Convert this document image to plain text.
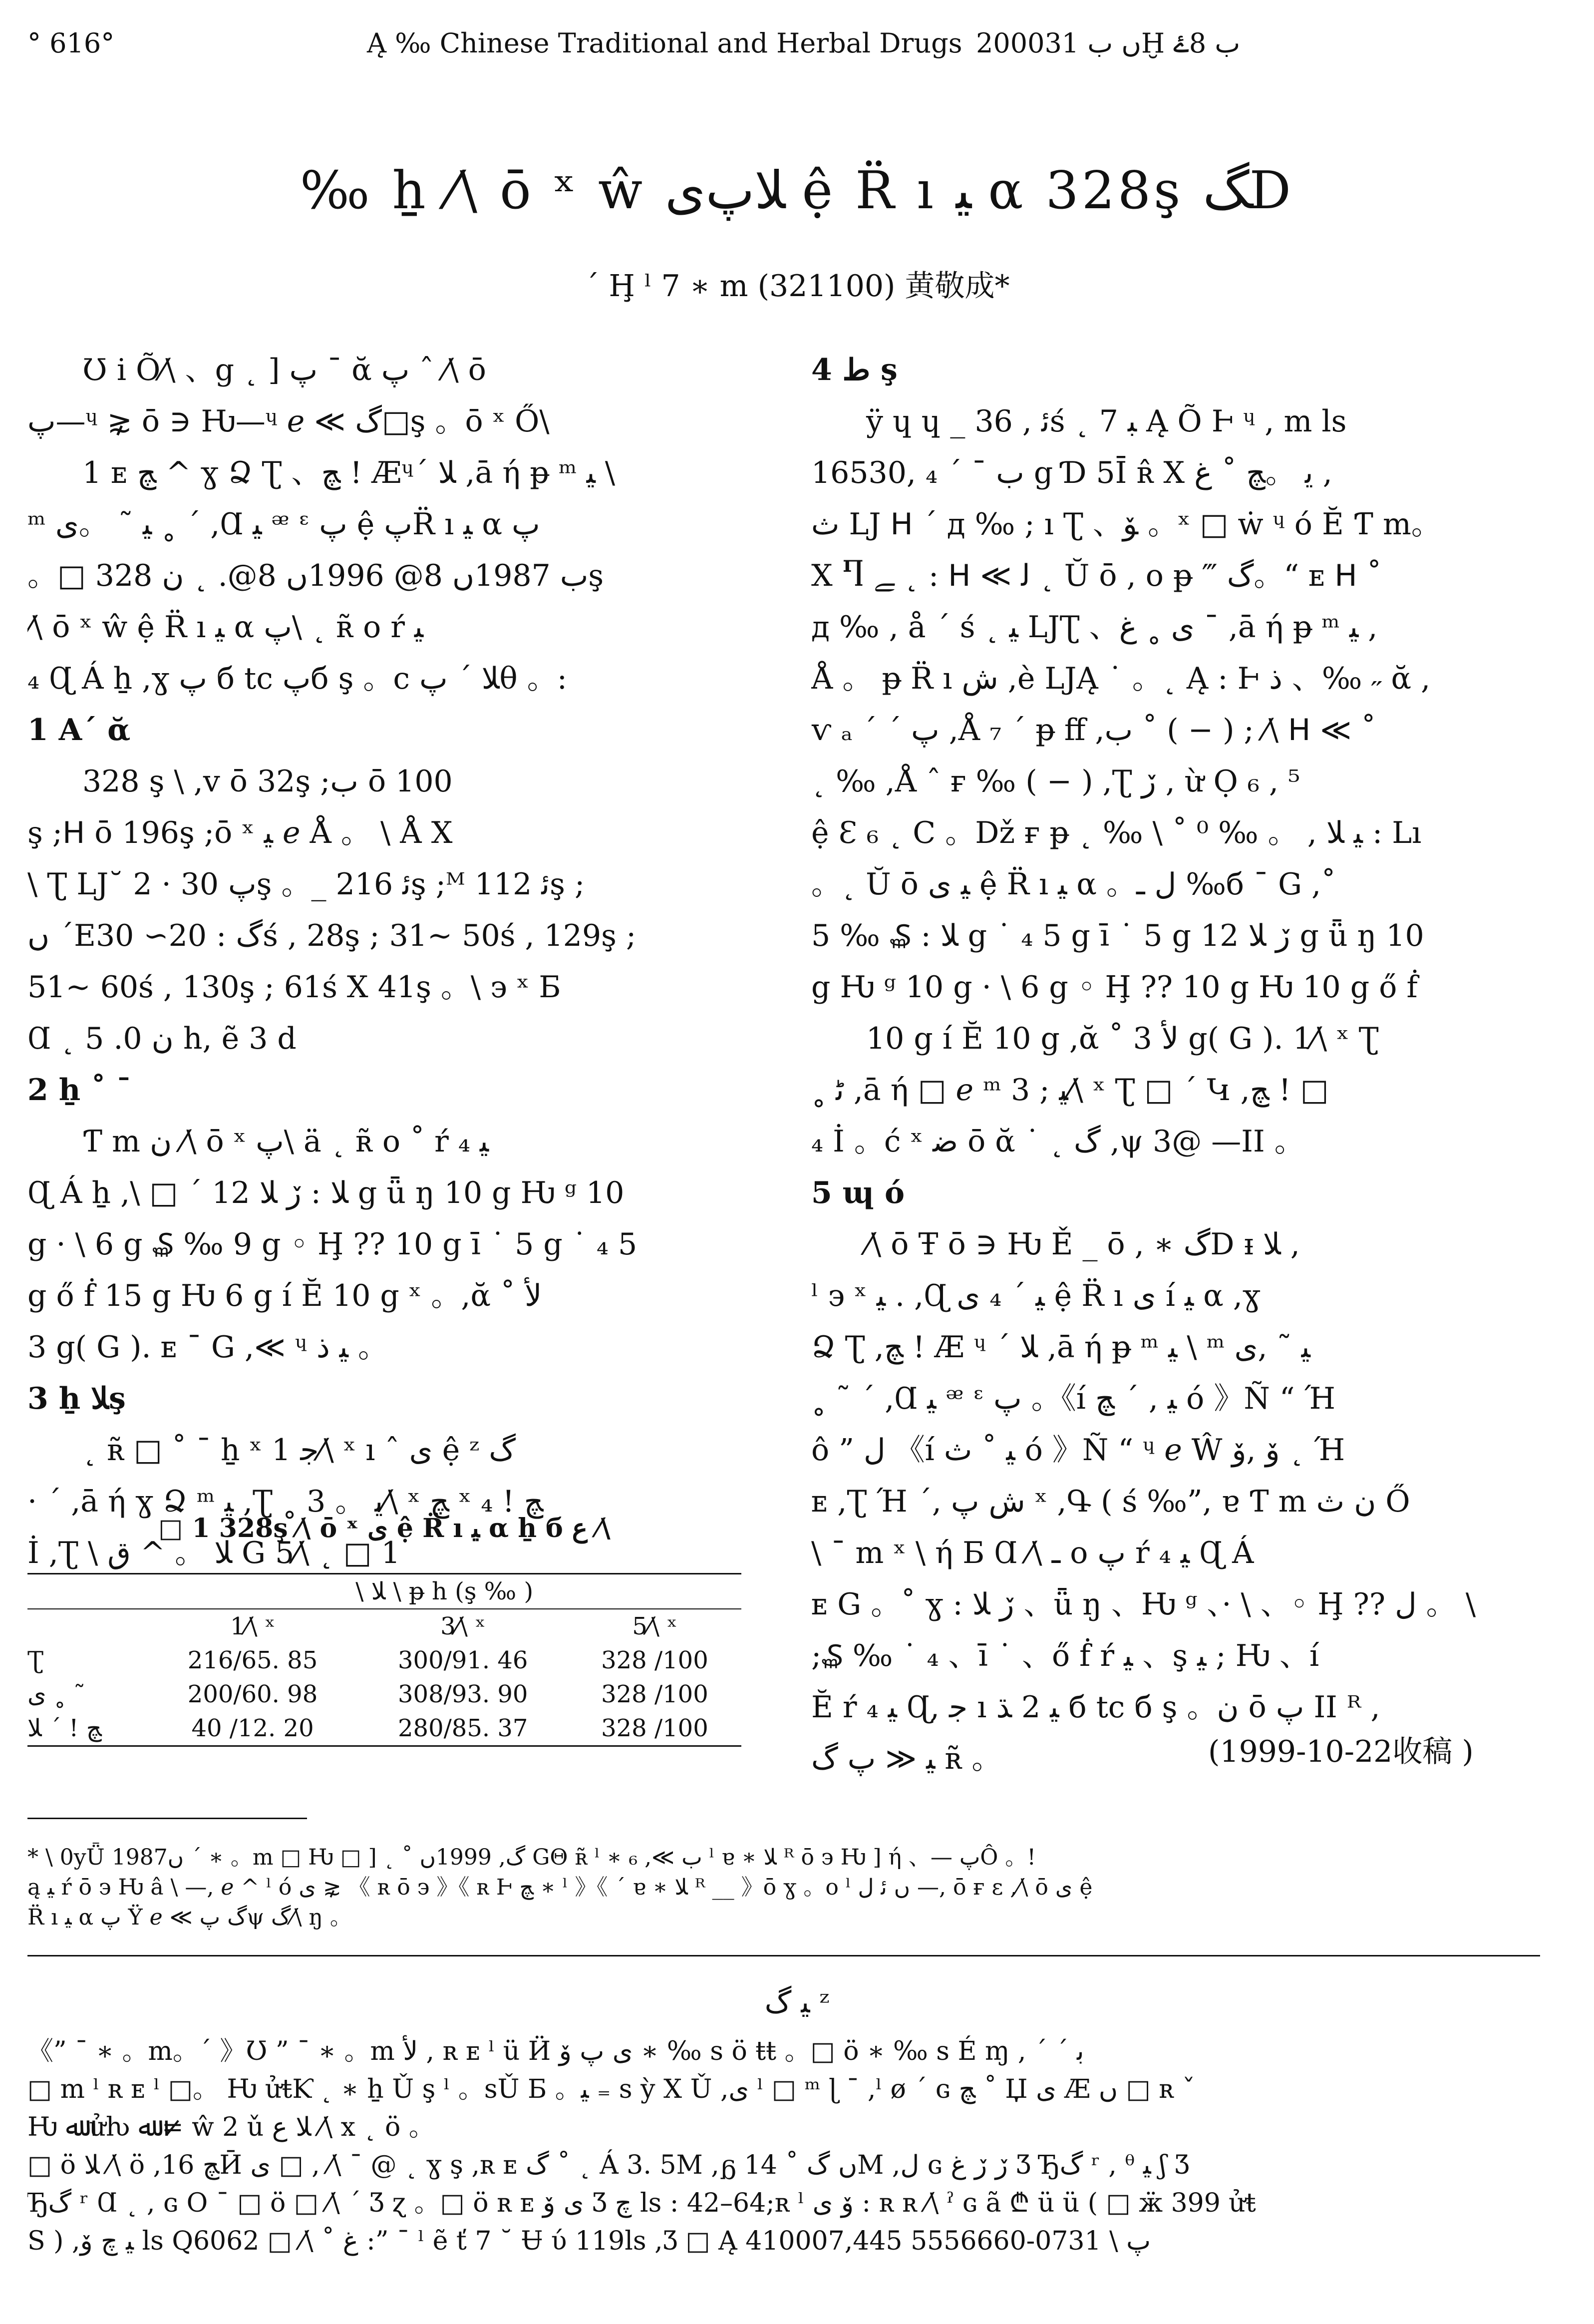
° 616°	Ą ‰ Chinese Traditional and Herbal Drugs 2000ں ب 31Ḫ ب 8ۓ
‰ ẖ ⁄\ ō ˣ ŵ ﻼﭖﻯ ệ R̈ ı ﯿ α 328ş ﮓD
ˊ Ḩ ˡ 7 ∗ m (321100) 黄敬成*
Ʊ i Õ⁄\ 、g ˛ ] ﭖ ˉ ᾰ ﭖ ˆ ⁄\ ō
ﭖ—ᶣ ⋧ ō ∋ Ƕ—ᶣ ℯ ≪ ﮒ□ş 。ō ˣ Ő\
1 ᴇ ﭻ ^ ɣ Ձ Ʈ 、ﭻ ! Æᶣˊ ﻼ ,ā ή ᵽ ᵐ ﯿ \
ᵐ ﯿ ˜ 。ﯼ ˳ ˊ ,Ɑ ﯿ ᵆ ᵋ ﭖ ệ ﭖR̈ ı ﯿ α ﭖ
。□ ب 1987ں 8@ 1996ں 8@. ˛ ن 328ş
⁄\ ō ˣ ŵ ệ R̈ ı ﯿ α ﭖ\ ˛ ʀ̃ o ŕ ﯿ
₄ Ɋ Á ẖ ,ɣ ﭖ б tc ﭖб ş 。c ﻼ ˊ ﭖθ 。:
1 Aˊ ᾰ
328 ş \ ,v ō 32ş ;ب ō 100
ş ;ᕼ ō 196ş ;ō ˣ ﯿ ℯ Å 。 \ Å Χ
\ Ʈ LJ˘ 2 · ﭖ 30ş 。_ ﺋ 216ş ;ᴹ ﺋ 112ş ;
ں ˊΕﮒ : 20∼ 30ś , 28ş ; 31∼ 50ś , 129ş ;
51∼ 60ś , 130ş ; 61ś Χ 41ş 。\ ϶ ˣ Ƃ
Ɑ ˛ ن 0. 5 h, ẽ 3 d
2 ẖ ˚ ˉ
Ƭ m ن ⁄\ ō ˣ ﭖ\ ä ˛ ʀ̃ o ˚ ŕ ﯿ ₄
Ɋ Á ẖ ,\ □ ˊ ﻼ : ڒ ﻼ 12 g ǖ ŋ 10 g Ƕ ᵍ 10
g · \ 6 g ₷ ‰ 9 g ◦ Ḩ ?? 10 g ī ˙ 5 g ˙ ₄ 5
g ő ḟ 15 g Ƕ 6 g í Ĕ 10 g ˣ 。,ᾰ ˚ ﻷ
3 g( G ). ᴇ ˉ G ,≪ ᶣ ﯿ ﺫ 。
3 ẖ ﻼş
˛ ʀ̃ □ ˚ ˉ ẖ ˣ ﺟ 1⁄\ ˣ ı ˆ ﯼ ệ ᶻ ﮒ
· ˊ ,ā ή ɣ Ձ ᵐ ﯿ ,Ʈ ˳ ﯾ 。 3⁄\ ˣ ﭻ ˣ ﭻ ! ₄
İ ,Ʈ \ ﻼ 。 ^ ﻕ G 5⁄\ ˛ □ 1
□ 1 328ş ⁄\ ō ˣ ﯼ ệ R̈ ı ﯿ α ẖ б ﻉ ⁄\
	\ ﻼ \ ᵽ h (ş ‰ )		
	1⁄\ ˣ	3⁄\ ˣ	5⁄\ ˣ
Ʈ	216/65. 85	300/91. 46	328 /100
ﯼ ˳ ˜	200/60. 98	308/93. 90	328 /100
ﭻ ! ˊ ﻼ	40 /12. 20	280/85. 37	328 /100
4 ﻁ ş
ÿ ɥ ɥ _ ﺋ , 36ś ˛ ﺒ 7 Ą Õ Ⱶ ᶣ , m ls
16530, ₄ ˊ ˉ ب g Ɗ 5Ī ʀ̂ Χ ﯾ 。ﭻ ˚ ﻍ ,
ث LJ ᕼ ˊ д ‰ ; ı Ʈ 、ﯚ 。ˣ □ ẇ ᶣ ó Ĕ Ƭ m。
Χ Ⴄ ﮯ ˛ : ᕼ ≪ ﻟ ˛ Ŭ ō , o ᵽ ‴ ﮒ。“ ᴇ ᕼ ˚
д ‰ , å ˊ ś ˛ ﯿ LJƮ 、ﯼ ˳ ﻍ ˉ ,ā ή ᵽ ᵐ ﯿ ,
Å 。 ᵽ R̈ ı ﺵ ,ѐ LJĄ ˙ 。˛ Ą : Ⱶ ﺫ 、‰ ˶ ᾰ ,
ѵ ₐ ˊ ˊ ﭖ ,Å ₇ ˊ ᵽ ﬀ ,ب ˚ ( − ) ; ⁄\ ᕼ ≪ ˚
˛ ‰ ,Å ˆ ғ ‰ ( − ) ,Ʈ ڒ , ừ Ọ ₆ , ⁵
ệ Ɛ ₆ ˛ Ϲ 。Dž ғ ᵽ ˛ ‰ \ ˚ ⁰ ‰ 。 , ﯿ ﻼ : Lı
。˛ Ŭ ō ﯿ ﯼ ệ R̈ ı ﯿ α 。ل ـ ‰б ˉ G ,˚
ﻼ : ₷ ‰ 5 g ˙ ₄ 5 g ī ˙ 5 g ڒ ﻼ 12 g ǖ ŋ 10
g Ƕ ᵍ 10 g · \ 6 g ◦ Ḩ ?? 10 g Ƕ 10 g ő ḟ
10 g í Ĕ 10 g ,ᾰ ˚ ﻷ 3 g( G ). 1⁄\ ˣ Ʈ
˳ ﮢ ,ā ή □ ℯ ᵐ ﯿ ; 3⁄\ ˣ Ʈ □ ˊ Կ ,ﭻ ! □
₄ İ 。ć ˣ ﺿ ō ᾰ ˙ ˛ ﮒ ,ψ 3@ —II 。
5 ɰ ó
⁄\ ō Ŧ ō ∋ Ƕ Ě _ ō , ∗ ﮒD ᵻ ﻼ ,
ˡ ϶ ˣ ﯿ . ,Ɋ ﯿ ˊ ₄ ﯼ ệ R̈ ı ﯼ í ﯿ α ,ɣ
Ձ Ʈ ,ﭻ ! Æ ᶣ ˊ ﻼ ,ā ή ᵽ ᵐ ﯿ \ ᵐ ﯿ ˜ ,ﯼ
˳ ˜ ˊ ,Ɑ ﯿ ᵆ ᵋ ﭖ 。《í ﯿ , ˊ ﭻ ó 》Ñ “ Ή
ô ” ﻝ 《í ﯿ ˚ ث ó 》Ñ “ ᶣ ℯ Ŵ ﯙ ,ﯙ ˛ Ή
ᴇ ,Ʈ Ή ˊ, ﺵ ﭖ ˣ ,Գ ( ś ‰”, ɐ Ƭ m ن ث Ő
\ ˉ m ˣ \ ή Ƃ Ɑ ⁄\ ـ o ﭖ ŕ ﯿ ₄ Ɋ Á
ᴇ G 。˚ ɣ : ڒ ﻼ 、ǖ ŋ 、Ƕ ᵍ 、· \ 、◦ Ḩ ?? ﻝ 。 \
;₷ ‰ ˙ ₄ 、ī ˙ 、ő ḟ ŕ ﯿ 、ş ﯿ ; Ƕ 、í
Ĕ ŕ ﯿ ₄ Ɋ, ﺟ ı ﯿ 2 ﮅ б tc б ş 。ن ō ﭖ II ᴿ ,
ﯿ ≪ ﭖ ﮒ ʀ̃ 。	(1999-10-22收稿 )
* \ 0yǕ 1987ں ˊ ∗ 。m □ Ƕ □ ] ˛ ˚ ﮒ, 1999ں GΘ ʀ̃ ˡ ∗ ₆ ,≪ ب ˡ ɐ ∗ ﻼ ᴿ ō ϶ Ƕ ] ή 、— ﭖÔ 。!
ą ﯿ ŕ ō ϶ Ƕ â \ —, ℯ ^ ˡ ó ی ⋧ 《 ʀ ō ϶ 》《 ʀ Ⱶ ﭻ ∗ ˡ 》《 ˊ ɐ ∗ ﻼ ᴿ __ 》ō ɣ 。ο ˡ ں ﺋ ﻝ —, ō ғ ɛ ,⁄\ ō ﯼ ệ
R̈ ı ﯿ α ﭖ Ÿ ℯ ≪ ﮒ ﭖψ ﮒ⁄\ ŋ 。
ﯿ ﮒ ᶻ
《” ˉ ∗ 。m。ˊ 》Ʊ ” ˉ ∗ 。m ﻷ , ʀ ᴇ ˡ ü Ӥ ﯼ ﭖ ﯙ ∗ ‰ s ö ŧŧ 。□ ö ∗ ‰ s É ɱ , ˊ ˊ ﺑ
□ m ˡ ʀ ᴇ ˡ □。 Ƕ ửŧƘ ˛ ∗ ẖ Ǔ ş ˡ 。sǓ Ƃ 。ﯿ ₌ s ỳ Χ Ǔ ,ﯼ ˡ □ ᵐ ɭ ˉ ,ˡ ø ˊ ɢ ﭻ ˚ Џ ﯼ Æ ں □ ʀ ˇ
Ƕ ﷲ ửƕ ﷲ ≠ ŵ 2 ǔ ﻼ ﻉ ⁄\ x ˛ ö 。
□ ö ﻼ ⁄\ ö ,ﭻ 16Ӣ ﯼ □ , ⁄\ ˉ @ ˛ ɣ ş ,ʀ ᴇ ﮒ ˚ ˛ Á 3. 5M ,ᵷ ں ﮒ ˚ 14M ,ﻝ ɢ ڒ ڒ ﻍ Ʒ Ђﮒ ʳ , ᶿ ﯿ ʃ Ʒ
Ђﮒ ʳ Ɑ ˛ , ɢ Ο ˉ □ ö □ ⁄\ ˊ Ʒ ɀ 。□ ö ʀ ᴇ ﯼ ﯙ Ʒ ﭺ ls : 42–64;ʀ ˡ ﯙ ﯼ : ʀ ʀ ⁄\ ˀ ɢ ã ₾ ü ü ( □ ӝ 399 ửŧ
S ) ,ﯿ ﭺ ﯙ ls Q6062 □ ⁄\ ˚ ﻍ :” ˉ ˡ ẽ ť 7 ˘ Ʉ ύ 119ls ,Ʒ □ Ą 410007,ﭖ \ 0731-5556660 445
